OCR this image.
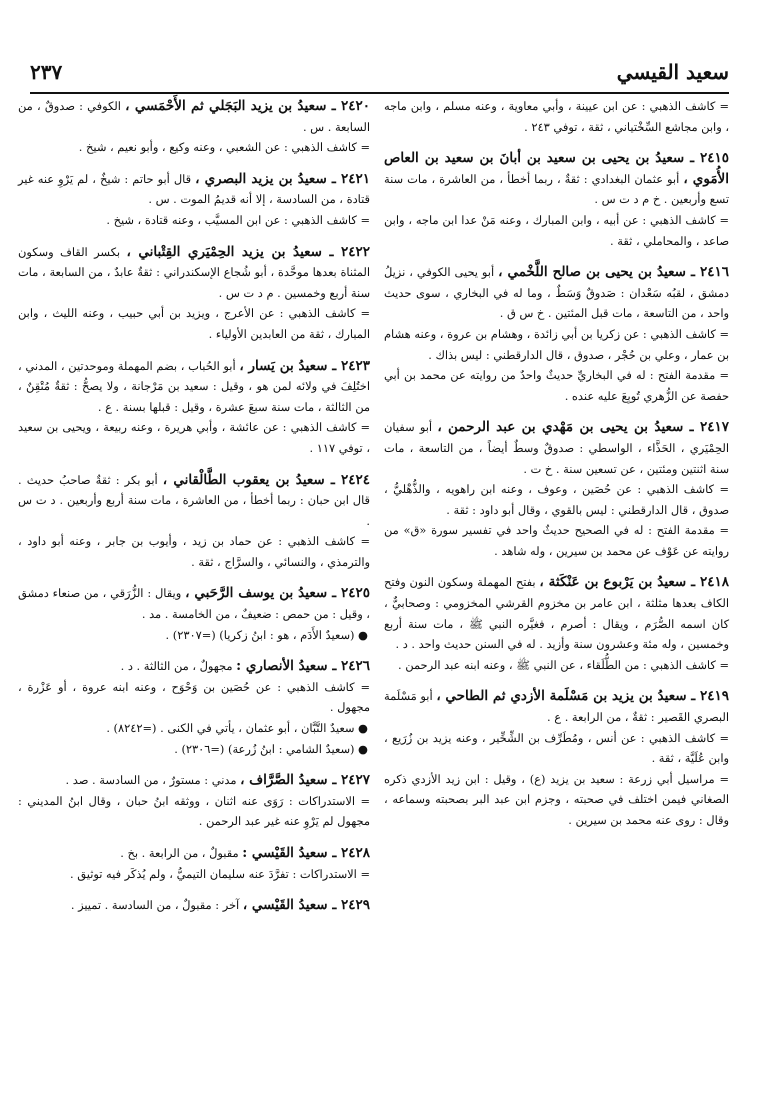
سعيد القيسي
٢٣٧

= كاشف الذهبي : عن ابن عيينة ، وأبي معاوية ، وعنه مسلم ، وابن ماجه ، وابن مجاشع السِّخْتياني ، ثقة ، توفي ٢٤٣ .

٢٤١٥ ـ سعيدُ بن يحيى بن سعيد بن أبانَ بن سعيد بن العاص الأُمَوي ، أبو عثمان البغدادي : ثقةٌ ، ربما أخطأ ، من العاشرة ، مات سنة تسع وأربعين . خ م د ت س .

= كاشف الذهبي : عن أبيه ، وابن المبارك ، وعنه مَنْ عدا ابن ماجه ، وابن صاعد ، والمحاملي ، ثقة .

٢٤١٦ ـ سعيدُ بن يحيى بن صالح اللَّخْمي ، أبو يحيى الكوفي ، نزيلُ دمشق ، لقبُه سَعْدان : صَدوقٌ وَسَطٌ ، وما له في البخاري ، سوى حديث واحد ، من التاسعة ، مات قبل المئتين . خ س ق .

= كاشف الذهبي : عن زكريا بن أبي زائدة ، وهشام بن عروة ، وعنه هشام بن عمار ، وعلي بن حُجْر ، صدوق ، قال الدارقطني : ليس بذاك .

= مقدمة الفتح : له في البخاريِّ حديثٌ واحدٌ من روايته عن محمد بن أبي حفصة عن الزُّهري تُوبِعَ عليه عنده .

٢٤١٧ ـ سعيدُ بن يحيى بن مَهْدي بن عبد الرحمن ، أبو سفيان الحِمْيَري ، الحَذَّاء ، الواسطي : صدوقٌ وسطٌ أيضاً ، من التاسعة ، مات سنة اثنتين ومئتين ، عن تسعين سنة . خ ت .

= كاشف الذهبي : عن حُصَين ، وعوف ، وعنه ابن راهويه ، والذُّهْليُّ ، صدوق ، قال الدارقطني : ليس بالقوي ، وقال أبو داود : ثقة .

= مقدمة الفتح : له في الصحيح حديثٌ واحد في تفسير سورة «ق» من روايته عن عَوْف عن محمد بن سيرين ، وله شاهد .

٢٤١٨ ـ سعيدُ بن يَرْبوع بن عَنْكَثة ، بفتح المهملة وسكون النون وفتح الكاف بعدها مثلثة ، ابن عامر بن مخزوم القرشي المخزومي : وصحابيٌّ ، كان اسمه الصُّرَم ، ويقال : أصرم ، فغيَّره النبي ﷺ ، مات سنة أربع وخمسين ، وله مئة وعشرون سنة وأزيد . له في السنن حديث واحد . د .

= كاشف الذهبي : من الطُّلَقاء ، عن النبي ﷺ ، وعنه ابنه عبد الرحمن .

٢٤١٩ ـ سعيدُ بن يزيد بن مَسْلَمة الأزدي ثم الطاحي ، أبو مَسْلَمة البصري القَصير : ثقةٌ ، من الرابعة . ع .

= كاشف الذهبي : عن أنس ، ومُطَرِّف بن الشِّخِّير ، وعنه يزيد بن زُرَيع ، وابن عُلَيَّة ، ثقة .

= مراسيل أبي زرعة : سعيد بن يزيد (ع) ، وقيل : ابن زيد الأزدي ذكره الصغاني فيمن اختلف في صحبته ، وجزم ابن عبد البر بصحبته وسماعه ، وقال : روى عنه محمد بن سيرين .

٢٤٢٠ ـ سعيدُ بن يزيد البَجَلي ثم الأَحْمَسي ، الكوفي : صدوقٌ ، من السابعة . س .

= كاشف الذهبي : عن الشعبي ، وعنه وكيع ، وأبو نعيم ، شيخ .

٢٤٢١ ـ سعيدُ بن يزيد البصري ، قال أبو حاتم : شيخٌ ، لم يَرْوِ عنه غير قتادة ، من السادسة ، إلا أنه قديمُ الموت . س .

= كاشف الذهبي : عن ابن المسيَّب ، وعنه قتادة ، شيخ .

٢٤٢٢ ـ سعيدُ بن يزيد الحِمْيَري القِتْباني ، بكسر القاف وسكون المثناة بعدها موحَّدة ، أبو شُجاع الإسكندراني : ثقةٌ عابدٌ ، من السابعة ، مات سنة أربع وخمسين . م د ت س .

= كاشف الذهبي : عن الأعرج ، ويزيد بن أبي حبيب ، وعنه الليث ، وابن المبارك ، ثقة من العابدين الأولياء .

٢٤٢٣ ـ سعيدُ بن يَسار ، أبو الحُباب ، بضم المهملة وموحدتين ، المدني ، اختُلِفَ في ولائه لمن هو ، وقيل : سعيد بن مَرْجانة ، ولا يصحُّ : ثقةٌ مُتْقِنٌ ، من الثالثة ، مات سنة سبعَ عشرة ، وقيل : قبلها بسنة . ع .

= كاشف الذهبي : عن عائشة ، وأبي هريرة ، وعنه ربيعة ، ويحيى بن سعيد ، توفي ١١٧ .

٢٤٢٤ ـ سعيدُ بن يعقوب الطَّالْقاني ، أبو بكر : ثقةٌ صاحبُ حديث . قال ابن حبان : ربما أخطأ ، من العاشرة ، مات سنة أربع وأربعين . د ت س .

= كاشف الذهبي : عن حماد بن زيد ، وأيوب بن جابر ، وعنه أبو داود ، والترمذي ، والنسائي ، والسرَّاج ، ثقة .

٢٤٢٥ ـ سعيدُ بن يوسف الرَّحَبي ، ويقال : الزُّرَقي ، من صنعاء دمشق ، وقيل : من حمص : ضعيفٌ ، من الخامسة . مد .

● (سعيدٌ الأَدَم ، هو : ابنُ زكريا) (=٢٣٠٧) .

٢٤٢٦ ـ سعيدُ الأنصاري : مجهولٌ ، من الثالثة . د .

= كاشف الذهبي : عن حُصَين بن وَحْوَح ، وعنه ابنه عروة ، أو عَزْرة ، مجهول .

● سعيدٌ التَّبَّان ، أبو عثمان ، يأتي في الكنى . (=٨٢٤٢) .

● (سعيدٌ الشامي : ابنُ زُرعة) (=٢٣٠٦) .

٢٤٢٧ ـ سعيدُ الصَّرَّاف ، مدني : مستورٌ ، من السادسة . صد .

= الاستدراكات : رَوَى عنه اثنان ، ووثقه ابنُ حبان ، وقال ابنُ المديني : مجهول لم يَرْوِ عنه غير عبد الرحمن .

٢٤٢٨ ـ سعيدُ القَيْسي : مقبولٌ ، من الرابعة . بخ .

= الاستدراكات : تفرَّدَ عنه سليمان التيميُّ ، ولم يُذكَر فيه توثيق .

٢٤٢٩ ـ سعيدُ القَيْسي ، آخر : مقبولٌ ، من السادسة . تمييز .
